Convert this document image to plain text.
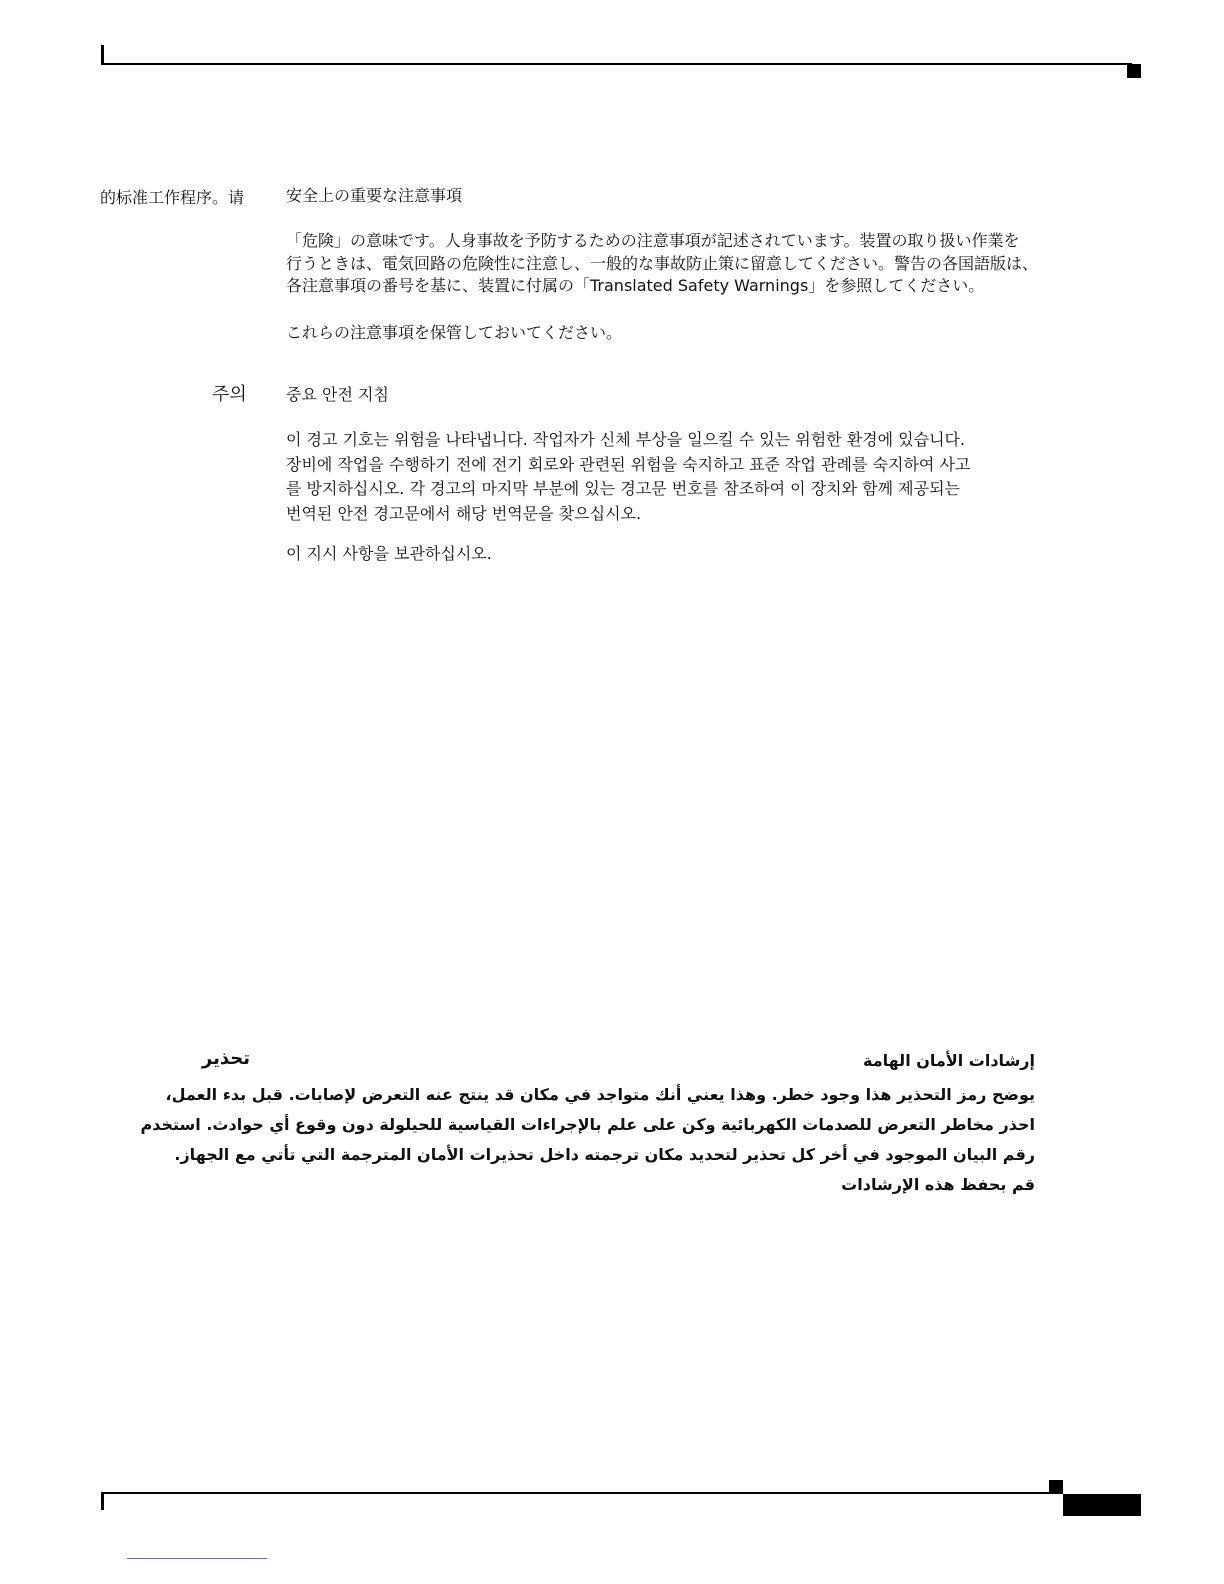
的标准工作程序。请	安全上の重要な注意事項
「危険」の意味です。人身事故を予防するための注意事項が記述されています。装置の取り扱い作業を
行うときは、電気回路の危険性に注意し、一般的な事故防止策に留意してください。警告の各国語版は、
各注意事項の番号を基に、装置に付属の「Translated Safety Warnings」を参照してください。
これらの注意事項を保管しておいてください。
주의 중요 안전 지침
이 경고 기호는 위험을 나타냅니다. 작업자가 신체 부상을 일으킬 수 있는 위험한 환경에 있습니다.
장비에 작업을 수행하기 전에 전기 회로와 관련된 위험을 숙지하고 표준 작업 관례를 숙지하여 사고
를 방지하십시오. 각 경고의 마지막 부분에 있는 경고문 번호를 참조하여 이 장치와 함께 제공되는
번역된 안전 경고문에서 해당 번역문을 찾으십시오.
이 지시 사항을 보관하십시오.
تحذير	إرشادات الأمان الهامة
يوضح رمز التحذير هذا وجود خطر. وهذا يعني أنك متواجد في مكان قد ينتج عنه التعرض لإصابات. قبل بدء العمل،
احذر مخاطر التعرض للصدمات الكهربائية وكن على علم بالإجراءات القياسية للحيلولة دون وقوع أي حوادث. استخدم
رقم البيان الموجود في أخر كل تحذير لتحديد مكان ترجمته داخل تحذيرات الأمان المترجمة التي تأتي مع الجهاز.
قم بحفظ هذه الإرشادات
